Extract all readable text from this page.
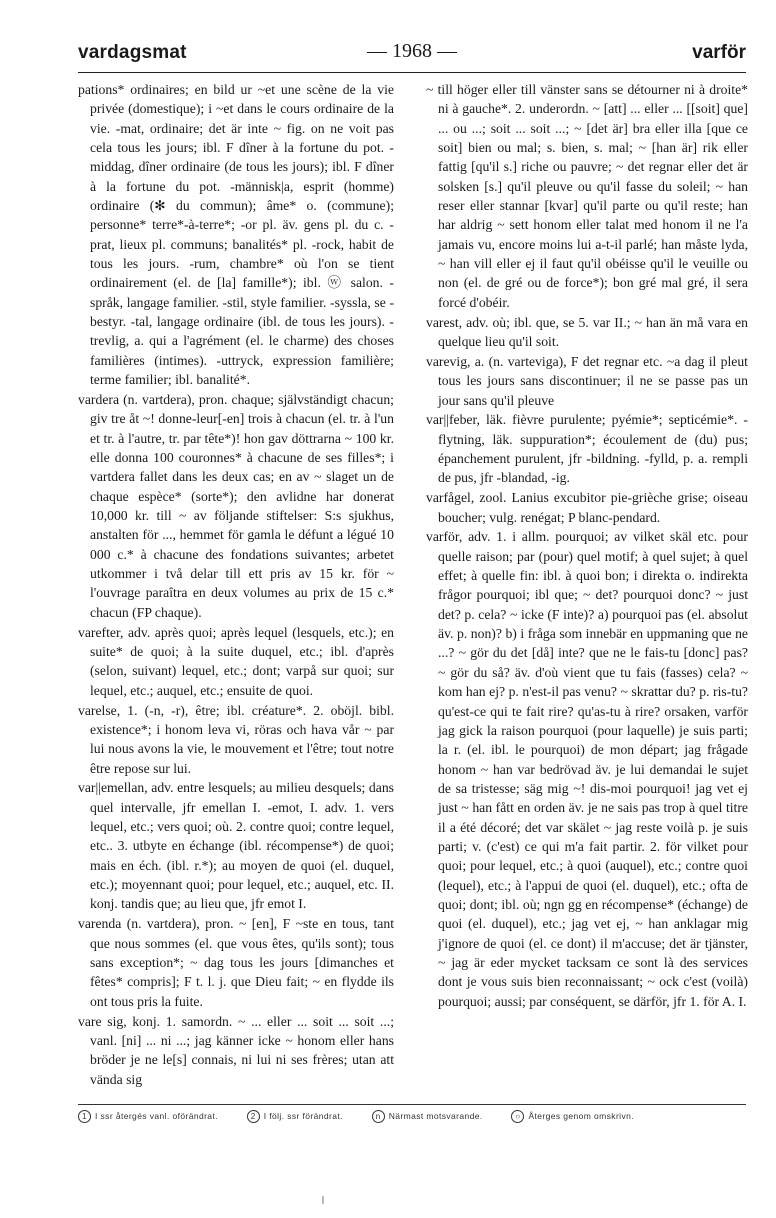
vardagsmat	— 1968 —	varför

pations* ordinaires; en bild ur ~et une scène de la vie privée (domestique); i ~et dans le cours ordinaire de la vie. -mat, ordinaire; det är inte ~ fig. on ne voit pas cela tous les jours; ibl. F dîner à la fortune du pot. -middag, dîner ordinaire (de tous les jours); ibl. F dîner à la fortune du pot. -människ|a, esprit (homme) ordinaire (✻ du commun); âme* o. (commune); personne* terre*-à-terre*; -or pl. äv. gens pl. du c. -prat, lieux pl. communs; banalités* pl. -rock, habit de tous les jours. -rum, chambre* où l'on se tient ordinairement (el. de [la] famille*); ibl. ⓦ salon. -språk, langage familier. -stil, style familier. -syssla, se -bestyr. -tal, langage ordinaire (ibl. de tous les jours). -trevlig, a. qui a l'agrément (el. le charme) des choses familières (intimes). -uttryck, expression familière; terme familier; ibl. banalité*.

vardera (n. vartdera), pron. chaque; självständigt chacun; giv tre åt ~! donne-leur[-en] trois à chacun (el. tr. à l'un et tr. à l'autre, tr. par tête*)! hon gav döttrarna ~ 100 kr. elle donna 100 couronnes* à chacune de ses filles*; i vartdera fallet dans les deux cas; en av ~ slaget un de chaque espèce* (sorte*); den avlidne har donerat 10,000 kr. till ~ av följande stiftelser: S:s sjukhus, anstalten för ..., hemmet för gamla le défunt a légué 10 000 c.* à chacune des fondations suivantes; arbetet utkommer i två delar till ett pris av 15 kr. för ~ l'ouvrage paraîtra en deux volumes au prix de 15 c.* chacun (FP chaque).

varefter, adv. après quoi; après lequel (lesquels, etc.); en suite* de quoi; à la suite duquel, etc.; ibl. d'après (selon, suivant) lequel, etc.; dont; varpå sur quoi; sur lequel, etc.; auquel, etc.; ensuite de quoi.

varelse, 1. (-n, -r), être; ibl. créature*. 2. oböjl. bibl. existence*; i honom leva vi, röras och hava vår ~ par lui nous avons la vie, le mouvement et l'être; tout notre être repose sur lui.

var||emellan, adv. entre lesquels; au milieu desquels; dans quel intervalle, jfr emellan I. -emot, I. adv. 1. vers lequel, etc.; vers quoi; où. 2. contre quoi; contre lequel, etc.. 3. utbyte en échange (ibl. récompense*) de quoi; mais en éch. (ibl. r.*); au moyen de quoi (el. duquel, etc.); moyennant quoi; pour lequel, etc.; auquel, etc. II. konj. tandis que; au lieu que, jfr emot I.

varenda (n. vartdera), pron. ~ [en], F ~ste en tous, tant que nous sommes (el. que vous êtes, qu'ils sont); tous sans exception*; ~ dag tous les jours [dimanches et fêtes* compris]; F t. l. j. que Dieu fait; ~ en flydde ils ont tous pris la fuite.

vare sig, konj. 1. samordn. ~ ... eller ... soit ... soit ...; vanl. [ni] ... ni ...; jag känner icke ~ honom eller hans bröder je ne le[s] connais, ni lui ni ses frères; utan att vända sig

~ till höger eller till vänster sans se détourner ni à droite* ni à gauche*. 2. underordn. ~ [att] ... eller ... [[soit] que] ... ou ...; soit ... soit ...; ~ [det är] bra eller illa [que ce soit] bien ou mal; s. bien, s. mal; ~ [han är] rik eller fattig [qu'il s.] riche ou pauvre; ~ det regnar eller det är solsken [s.] qu'il pleuve ou qu'il fasse du soleil; ~ han reser eller stannar [kvar] qu'il parte ou qu'il reste; han har aldrig ~ sett honom eller talat med honom il ne l'a jamais vu, encore moins lui a-t-il parlé; han måste lyda, ~ han vill eller ej il faut qu'il obéisse qu'il le veuille ou non (el. de gré ou de force*); bon gré mal gré, il sera forcé d'obéir.

varest, adv. où; ibl. que, se 5. var II.; ~ han än må vara en quelque lieu qu'il soit.

varevig, a. (n. varteviga), F det regnar etc. ~a dag il pleut tous les jours sans discontinuer; il ne se passe pas un jour sans qu'il pleuve

var||feber, läk. fièvre purulente; pyémie*; septicémie*. -flytning, läk. suppuration*; écoulement de (du) pus; épanchement purulent, jfr -bildning. -fylld, p. a. rempli de pus, jfr -blandad, -ig.

varfågel, zool. Lanius excubitor pie-grièche grise; oiseau boucher; vulg. renégat; P blanc-pendard.

varför, adv. 1. i allm. pourquoi; av vilket skäl etc. pour quelle raison; par (pour) quel motif; à quel sujet; à quel effet; à quelle fin: ibl. à quoi bon; i direkta o. indirekta frågor pourquoi; ibl que; ~ det? pourquoi donc? ~ just det? p. cela? ~ icke (F inte)? a) pourquoi pas (el. absolut äv. p. non)? b) i fråga som innebär en uppmaning que ne ...? ~ gör du det [då] inte? que ne le fais-tu [donc] pas? ~ gör du så? äv. d'où vient que tu fais (fasses) cela? ~ kom han ej? p. n'est-il pas venu? ~ skrattar du? p. ris-tu? qu'est-ce qui te fait rire? qu'as-tu à rire? orsaken, varför jag gick la raison pourquoi (pour laquelle) je suis parti; la r. (el. ibl. le pourquoi) de mon départ; jag frågade honom ~ han var bedrövad äv. je lui demandai le sujet de sa tristesse; säg mig ~! dis-moi pourquoi! jag vet ej just ~ han fått en orden äv. je ne sais pas trop à quel titre il a été décoré; det var skälet ~ jag reste voilà p. je suis parti; v. (c'est) ce qui m'a fait partir. 2. för vilket pour quoi; pour lequel, etc.; à quoi (auquel), etc.; contre quoi (lequel), etc.; à l'appui de quoi (el. duquel), etc.; ofta de quoi; dont; ibl. où; ngn gg en récompense* (échange) de quoi (el. duquel), etc.; jag vet ej, ~ han anklagar mig j'ignore de quoi (el. ce dont) il m'accuse; det är tjänster, ~ jag är eder mycket tacksam ce sont là des services dont je vous suis bien reconnaissant; ~ ock c'est (voilà) pourquoi; aussi; par conséquent, se därför, jfr 1. för A. I.

1 I ssr återgés vanl. oförändrat.	2 I följ. ssr förändrat.	n Närmast motsvarande.	○ Återges genom omskrivn.
